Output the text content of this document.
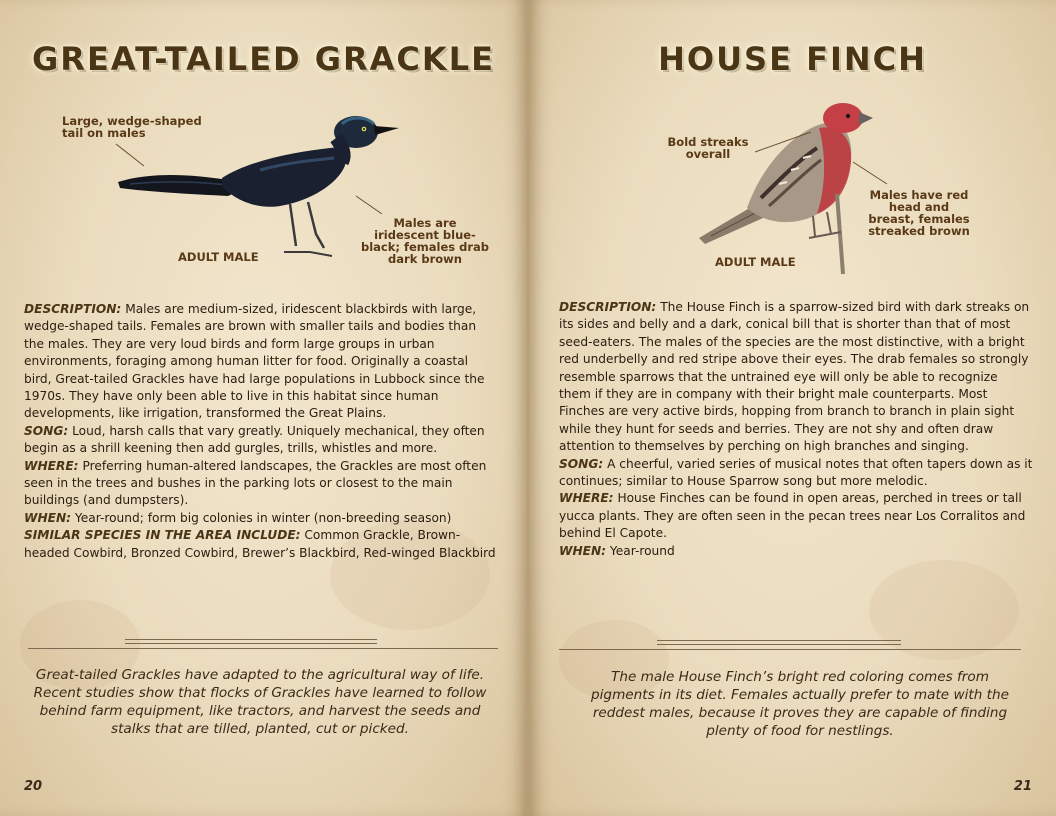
GREAT-TAILED GRACKLE
Large, wedge-shaped tail on males
Males are iridescent blue-black; females drab dark brown
ADULT MALE

DESCRIPTION: Males are medium-sized, iridescent blackbirds with large, wedge-shaped tails. Females are brown with smaller tails and bodies than the males. They are very loud birds and form large groups in urban environments, foraging among human litter for food. Originally a coastal bird, Great-tailed Grackles have had large populations in Lubbock since the 1970s. They have only been able to live in this habitat since human developments, like irrigation, transformed the Great Plains.

SONG: Loud, harsh calls that vary greatly. Uniquely mechanical, they often begin as a shrill keening then add gurgles, trills, whistles and more.

WHERE: Preferring human-altered landscapes, the Grackles are most often seen in the trees and bushes in the parking lots or closest to the main buildings (and dumpsters).

WHEN: Year-round; form big colonies in winter (non-breeding season)

SIMILAR SPECIES IN THE AREA INCLUDE: Common Grackle, Brown-headed Cowbird, Bronzed Cowbird, Brewer’s Blackbird, Red-winged Blackbird

Great-tailed Grackles have adapted to the agricultural way of life. Recent studies show that flocks of Grackles have learned to follow behind farm equipment, like tractors, and harvest the seeds and stalks that are tilled, planted, cut or picked.
20
HOUSE FINCH
Bold streaks overall
Males have red head and breast, females streaked brown
ADULT MALE

DESCRIPTION: The House Finch is a sparrow-sized bird with dark streaks on its sides and belly and a dark, conical bill that is shorter than that of most seed-eaters. The males of the species are the most distinctive, with a bright red underbelly and red stripe above their eyes. The drab females so strongly resemble sparrows that the untrained eye will only be able to recognize them if they are in company with their bright male counterparts. Most Finches are very active birds, hopping from branch to branch in plain sight while they hunt for seeds and berries. They are not shy and often draw attention to themselves by perching on high branches and singing.

SONG: A cheerful, varied series of musical notes that often tapers down as it continues; similar to House Sparrow song but more melodic.

WHERE: House Finches can be found in open areas, perched in trees or tall yucca plants. They are often seen in the pecan trees near Los Corralitos and behind El Capote.

WHEN: Year-round

The male House Finch’s bright red coloring comes from pigments in its diet. Females actually prefer to mate with the reddest males, because it proves they are capable of finding plenty of food for nestlings.
21
